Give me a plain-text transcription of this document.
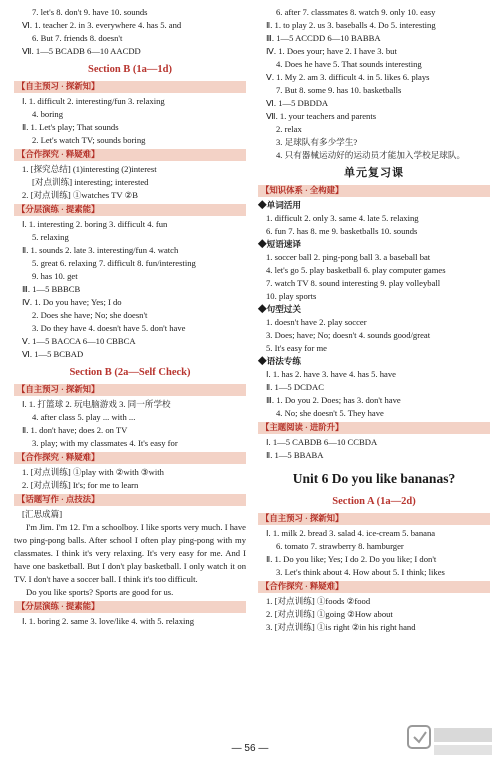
7. let's 8. don't 9. have 10. sounds
Ⅵ. 1. teacher 2. in 3. everywhere 4. has 5. and
6. But 7. friends 8. doesn't
Ⅶ. 1—5 BCADB 6—10 AACDD
Section B (1a—1d)
【自主预习 · 探新知】
Ⅰ. 1. difficult 2. interesting/fun 3. relaxing
4. boring
Ⅱ. 1. Let's play; That sounds
2. Let's watch TV; sounds boring
【合作探究 · 释疑难】
1. [探究总结] (1)interesting (2)interest
[对点训练] interesting; interested
2. [对点训练] ①watches TV ②B
【分层演练 · 提素能】
Ⅰ. 1. interesting 2. boring 3. difficult 4. fun
5. relaxing
Ⅱ. 1. sounds 2. late 3. interesting/fun 4. watch
5. great 6. relaxing 7. difficult 8. fun/interesting
9. has 10. get
Ⅲ. 1—5 BBBCB
Ⅳ. 1. Do you have; Yes; I do
2. Does she have; No; she doesn't
3. Do they have 4. doesn't have 5. don't have
Ⅴ. 1—5 BACCA 6—10 CBBCA
Ⅵ. 1—5 BCBAD
Section B (2a—Self Check)
【自主预习 · 探新知】
Ⅰ. 1. 打篮球 2. 玩电脑游戏 3. 同一所学校
4. after class 5. play ... with ...
Ⅱ. 1. don't have; does 2. on TV
3. play; with my classmates 4. It's easy for
【合作探究 · 释疑难】
1. [对点训练] ①play with ②with ③with
2. [对点训练] It's; for me to learn
【话题写作 · 点技法】
[汇思成篇]
I'm Jim. I'm 12. I'm a schoolboy. I like sports very much. I have two ping-pong balls. After school I often play ping-pong with my classmates. I think it's very relaxing. It's very easy for me. And I have one basketball. But I don't play basketball. I only watch it on TV. I don't have a soccer ball. I think it's too difficult.
Do you like sports? Sports are good for us.
【分层演练 · 提素能】
Ⅰ. 1. boring 2. same 3. love/like 4. with 5. relaxing
6. after 7. classmates 8. watch 9. only 10. easy
Ⅱ. 1. to play 2. us 3. baseballs 4. Do 5. interesting
Ⅲ. 1—5 ACCDD 6—10 BABBA
Ⅳ. 1. Does your; have 2. I have 3. but
4. Does he have 5. That sounds interesting
Ⅴ. 1. My 2. am 3. difficult 4. in 5. likes 6. plays
7. But 8. some 9. has 10. basketballs
Ⅵ. 1—5 DBDDA
Ⅶ. 1. your teachers and parents
2. relax
3. 足球队有多少学生?
4. 只有器械运动好的运动员才能加入学校足球队。
单元复习课
【知识体系 · 全构建】
◆单词活用
1. difficult 2. only 3. same 4. late 5. relaxing
6. fun 7. has 8. me 9. basketballs 10. sounds
◆短语速译
1. soccer ball 2. ping-pong ball 3. a baseball bat
4. let's go 5. play basketball 6. play computer games
7. watch TV 8. sound interesting 9. play volleyball
10. play sports
◆句型过关
1. doesn't have 2. play soccer
3. Does; have; No; doesn't 4. sounds good/great
5. It's easy for me
◆语法专练
Ⅰ. 1. has 2. have 3. have 4. has 5. have
Ⅱ. 1—5 DCDAC
Ⅲ. 1. Do you 2. Does; has 3. don't have
4. No; she doesn't 5. They have
【主题阅读 · 进阶升】
Ⅰ. 1—5 CABDB 6—10 CCBDA
Ⅱ. 1—5 BBABA
Unit 6 Do you like bananas?
Section A (1a—2d)
【自主预习 · 探新知】
Ⅰ. 1. milk 2. bread 3. salad 4. ice-cream 5. banana
6. tomato 7. strawberry 8. hamburger
Ⅱ. 1. Do you like; Yes; I do 2. Do you like; I don't
3. Let's think about 4. How about 5. I think; likes
【合作探究 · 释疑难】
1. [对点训练] ①foods ②food
2. [对点训练] ①going ②How about
3. [对点训练] ①is right ②in his right hand
— 56 —
